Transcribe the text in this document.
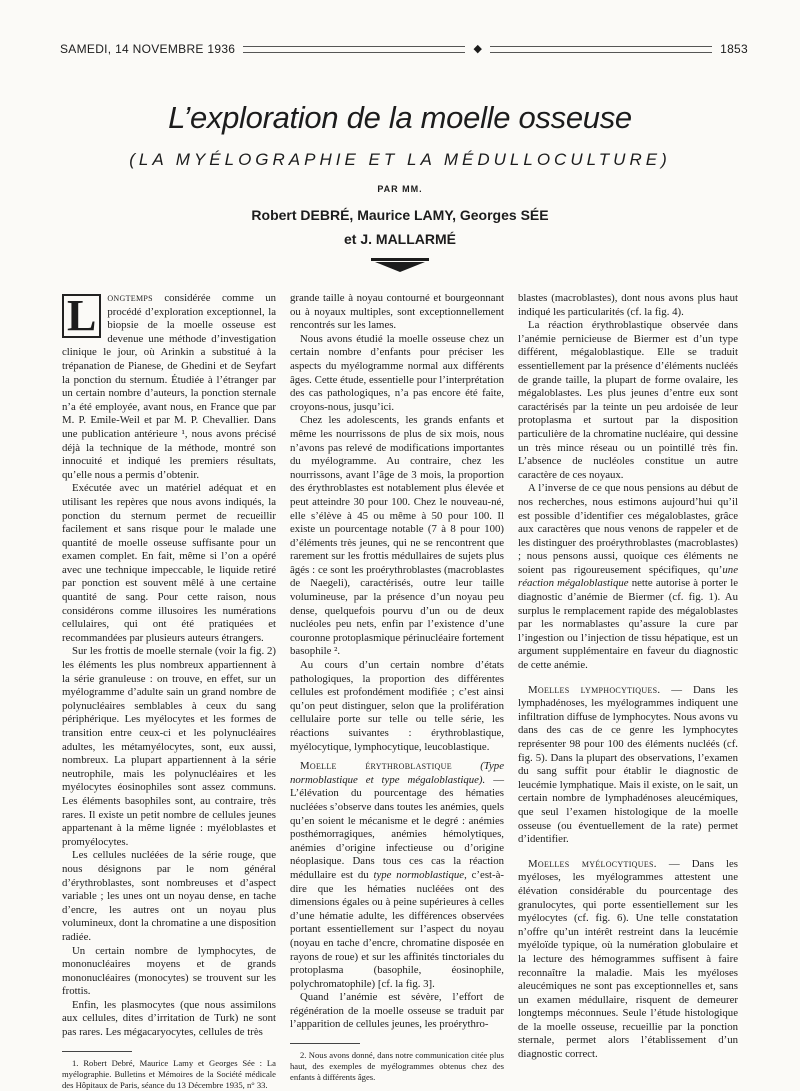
SAMEDI, 14 NOVEMBRE 1936	◆	1853
L’exploration de la moelle osseuse
(LA MYÉLOGRAPHIE ET LA MÉDULLOCULTURE)
PAR MM.
Robert DEBRÉ, Maurice LAMY, Georges SÉE
et J. MALLARMÉ

L	ongtemps considérée comme un procédé d’exploration exceptionnel, la biopsie de la moelle osseuse est devenue une méthode d’investigation clinique le jour, où Arinkin a substitué à la trépanation de Pianese, de Ghedini et de Seyfart la ponction du sternum. Étudiée à l’étranger par un certain nombre d’auteurs, la ponction sternale n’a été employée, avant nous, en France que par M. P. Emile-Weil et par M. P. Chevallier. Dans une publication antérieure ¹, nous avons précisé déjà la technique de la méthode, montré son innocuité et indiqué les premiers résultats, qu’elle nous a permis d’obtenir.

Exécutée avec un matériel adéquat et en utilisant les repères que nous avons indiqués, la ponction du sternum permet de recueillir facilement et sans risque pour le malade une quantité de moelle osseuse suffisante pour un examen complet. En fait, même si l’on a opéré avec une technique impeccable, le liquide retiré par ponction est souvent mêlé à une certaine quantité de sang. Pour cette raison, nous considérons comme illusoires les numérations cellulaires, qui ont été pratiquées et recommandées par plusieurs auteurs étrangers.

Sur les frottis de moelle sternale (voir la fig. 2) les éléments les plus nombreux appartiennent à la série granuleuse : on trouve, en effet, sur un myélogramme d’adulte sain un grand nombre de polynucléaires semblables à ceux du sang périphérique. Les myélocytes et les formes de transition entre ceux-ci et les polynucléaires adultes, les métamyélocytes, sont, eux aussi, nombreux. La plupart appartiennent à la série neutrophile, mais les polynucléaires et les myélocytes éosinophiles sont assez communs. Les éléments basophiles sont, au contraire, très rares. Il existe un petit nombre de cellules jeunes appartenant à la même lignée : myéloblastes et promyélocytes.

Les cellules nucléées de la série rouge, que nous désignons par le nom général d’érythroblastes, sont nombreuses et d’aspect variable ; les unes ont un noyau dense, en tache d’encre, les autres ont un noyau plus volumineux, dont la chromatine a une disposition radiée.

Un certain nombre de lymphocytes, de mononucléaires moyens et de grands mononucléaires (monocytes) se trouvent sur les frottis.

Enfin, les plasmocytes (que nous assimilons aux cellules, dites d’irritation de Turk) ne sont pas rares. Les mégacaryocytes, cellules de très

1. Robert Debré, Maurice Lamy et Georges Sée : La myélographie. Bulletins et Mémoires de la Société médicale des Hôpitaux de Paris, séance du 13 Décembre 1935, n° 33.

grande taille à noyau contourné et bourgeonnant ou à noyaux multiples, sont exceptionnellement rencontrés sur les lames.

Nous avons étudié la moelle osseuse chez un certain nombre d’enfants pour préciser les aspects du myélogramme normal aux différents âges. Cette étude, essentielle pour l’interprétation des cas pathologiques, n’a pas encore été faite, croyons-nous, jusqu’ici.

Chez les adolescents, les grands enfants et même les nourrissons de plus de six mois, nous n’avons pas relevé de modifications importantes du myélogramme. Au contraire, chez les nourrissons, avant l’âge de 3 mois, la proportion des érythroblastes est notablement plus élevée et peut atteindre 30 pour 100. Chez le nouveau-né, elle s’élève à 45 ou même à 50 pour 100. Il existe un pourcentage notable (7 à 8 pour 100) d’éléments très jeunes, qui ne se rencontrent que rarement sur les frottis médullaires de sujets plus âgés : ce sont les proérythroblastes (macroblastes de Naegeli), caractérisés, outre leur taille volumineuse, par la présence d’un noyau peu dense, quelquefois pourvu d’un ou de deux nucléoles peu nets, enfin par l’existence d’une couronne protoplasmique périnucléaire fortement basophile ².

Au cours d’un certain nombre d’états pathologiques, la proportion des différentes cellules est profondément modifiée ; c’est ainsi qu’on peut distinguer, selon que la prolifération cellulaire porte sur telle ou telle série, les réactions suivantes : érythroblastique, myélocytique, lymphocytique, leucoblastique.

Moelle érythroblastique	(Type normoblastique et type mégaloblastique). — L’élévation du pourcentage des hématies nucléées s’observe dans toutes les anémies, quels qu’en soient le mécanisme et le degré : anémies posthémorragiques, anémies hémolytiques, anémies d’origine infectieuse ou d’origine néoplasique. Dans tous ces cas la réaction médullaire est du type normoblastique, c’est-à-dire que les hématies nucléées ont des dimensions égales ou à peine supérieures à celles d’une hématie adulte, les différences observées portant essentiellement sur l’aspect du noyau (noyau en tache d’encre, chromatine disposée en rayons de roue) et sur les affinités tinctoriales du protoplasma (basophile, éosinophile, polychromatophile) [cf. la fig. 3].

Quand l’anémie est sévère, l’effort de régénération de la moelle osseuse se traduit par l’apparition de cellules jeunes, les proérythro-

2. Nous avons donné, dans notre communication citée plus haut, des exemples de myélogrammes obtenus chez des enfants à différents âges.

blastes (macroblastes), dont nous avons plus haut indiqué les particularités (cf. la fig. 4).

La réaction érythroblastique observée dans l’anémie pernicieuse de Biermer est d’un type différent, mégaloblastique. Elle se traduit essentiellement par la présence d’éléments nucléés de grande taille, la plupart de forme ovalaire, les mégaloblastes. Les plus jeunes d’entre eux sont caractérisés par la teinte un peu ardoisée de leur protoplasma et surtout par la disposition particulière de la chromatine nucléaire, qui dessine un très mince réseau ou un pointillé très fin. L’absence de nucléoles constitue un autre caractère de ces noyaux.

A l’inverse de ce que nous pensions au début de nos recherches, nous estimons aujourd’hui qu’il est possible d’identifier ces mégaloblastes, grâce aux caractères que nous venons de rappeler et de les distinguer des proérythroblastes (macroblastes) ; nous pensons aussi, quoique ces éléments ne soient pas rigoureusement spécifiques, qu’une réaction mégaloblastique nette autorise à porter le diagnostic d’anémie de Biermer (cf. fig. 1). Au surplus le remplacement rapide des mégaloblastes par les normablastes qu’assure la cure par l’ingestion ou l’injection de tissu hépatique, est un argument supplémentaire en faveur du diagnostic de cette anémie.

Moelles lymphocytiques. — Dans les lymphadénoses, les myélogrammes indiquent une infiltration diffuse de lymphocytes. Nous avons vu dans des cas de ce genre les lymphocytes représenter 98 pour 100 des éléments nucléés (cf. fig. 5). Dans la plupart des observations, l’examen du sang suffit pour établir le diagnostic de leucémie lymphatique. Mais il existe, on le sait, un certain nombre de lymphadénoses aleucémiques, que seul l’examen histologique de la moelle osseuse (ou éventuellement de la rate) permet d’identifier.

Moelles myélocytiques. — Dans les myéloses, les myélogrammes attestent une élévation considérable du pourcentage des granulocytes, qui porte essentiellement sur les myélocytes (cf. fig. 6). Une telle constatation n’offre qu’un intérêt restreint dans la leucémie myéloïde typique, où la numération globulaire et la lecture des hémogrammes suffisent à faire reconnaître la maladie. Mais les myéloses aleucémiques ne sont pas exceptionnelles et, sans un examen médullaire, risquent de demeurer longtemps méconnues. Seule l’étude histologique de la moelle osseuse, recueillie par la ponction sternale, permet alors l’établissement d’un diagnostic correct.
